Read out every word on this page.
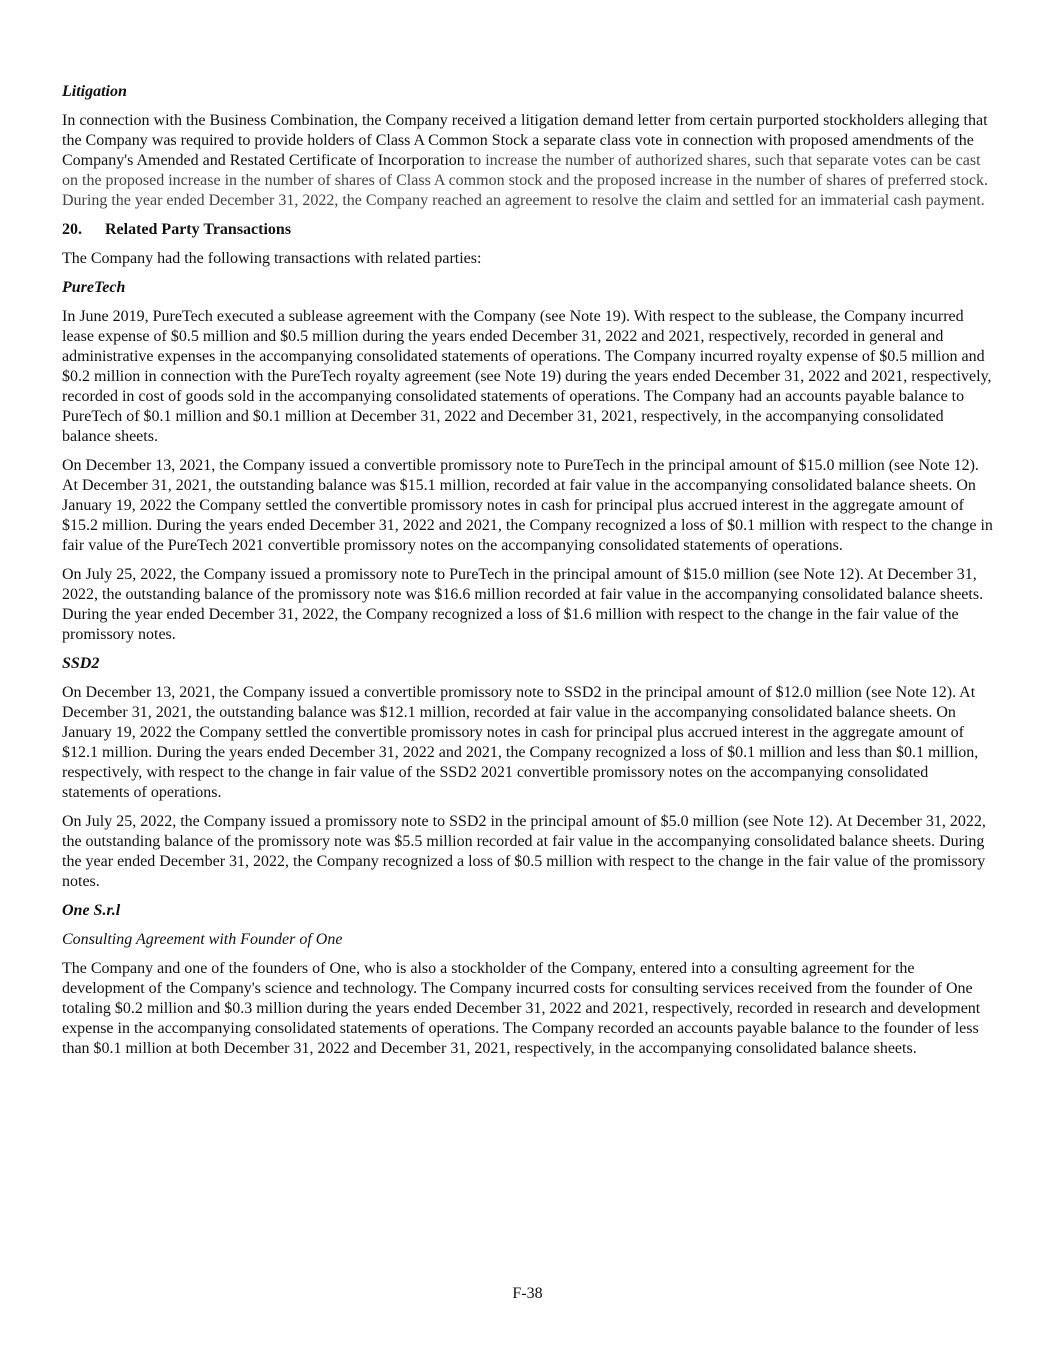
Litigation

In connection with the Business Combination, the Company received a litigation demand letter from certain purported stockholders alleging that the Company was required to provide holders of Class A Common Stock a separate class vote in connection with proposed amendments of the Company's Amended and Restated Certificate of Incorporation to increase the number of authorized shares, such that separate votes can be cast on the proposed increase in the number of shares of Class A common stock and the proposed increase in the number of shares of preferred stock. During the year ended December 31, 2022, the Company reached an agreement to resolve the claim and settled for an immaterial cash payment.

20. Related Party Transactions

The Company had the following transactions with related parties:

PureTech

In June 2019, PureTech executed a sublease agreement with the Company (see Note 19). With respect to the sublease, the Company incurred lease expense of $0.5 million and $0.5 million during the years ended December 31, 2022 and 2021, respectively, recorded in general and administrative expenses in the accompanying consolidated statements of operations. The Company incurred royalty expense of $0.5 million and $0.2 million in connection with the PureTech royalty agreement (see Note 19) during the years ended December 31, 2022 and 2021, respectively, recorded in cost of goods sold in the accompanying consolidated statements of operations. The Company had an accounts payable balance to PureTech of $0.1 million and $0.1 million at December 31, 2022 and December 31, 2021, respectively, in the accompanying consolidated balance sheets.

On December 13, 2021, the Company issued a convertible promissory note to PureTech in the principal amount of $15.0 million (see Note 12). At December 31, 2021, the outstanding balance was $15.1 million, recorded at fair value in the accompanying consolidated balance sheets. On January 19, 2022 the Company settled the convertible promissory notes in cash for principal plus accrued interest in the aggregate amount of $15.2 million. During the years ended December 31, 2022 and 2021, the Company recognized a loss of $0.1 million with respect to the change in fair value of the PureTech 2021 convertible promissory notes on the accompanying consolidated statements of operations.

On July 25, 2022, the Company issued a promissory note to PureTech in the principal amount of $15.0 million (see Note 12). At December 31, 2022, the outstanding balance of the promissory note was $16.6 million recorded at fair value in the accompanying consolidated balance sheets. During the year ended December 31, 2022, the Company recognized a loss of $1.6 million with respect to the change in the fair value of the promissory notes.

SSD2

On December 13, 2021, the Company issued a convertible promissory note to SSD2 in the principal amount of $12.0 million (see Note 12). At December 31, 2021, the outstanding balance was $12.1 million, recorded at fair value in the accompanying consolidated balance sheets. On January 19, 2022 the Company settled the convertible promissory notes in cash for principal plus accrued interest in the aggregate amount of $12.1 million. During the years ended December 31, 2022 and 2021, the Company recognized a loss of $0.1 million and less than $0.1 million, respectively, with respect to the change in fair value of the SSD2 2021 convertible promissory notes on the accompanying consolidated statements of operations.

On July 25, 2022, the Company issued a promissory note to SSD2 in the principal amount of $5.0 million (see Note 12). At December 31, 2022, the outstanding balance of the promissory note was $5.5 million recorded at fair value in the accompanying consolidated balance sheets. During the year ended December 31, 2022, the Company recognized a loss of $0.5 million with respect to the change in the fair value of the promissory notes.

One S.r.l

Consulting Agreement with Founder of One

The Company and one of the founders of One, who is also a stockholder of the Company, entered into a consulting agreement for the development of the Company's science and technology. The Company incurred costs for consulting services received from the founder of One totaling $0.2 million and $0.3 million during the years ended December 31, 2022 and 2021, respectively, recorded in research and development expense in the accompanying consolidated statements of operations. The Company recorded an accounts payable balance to the founder of less than $0.1 million at both December 31, 2022 and December 31, 2021, respectively, in the accompanying consolidated balance sheets.

F-38
